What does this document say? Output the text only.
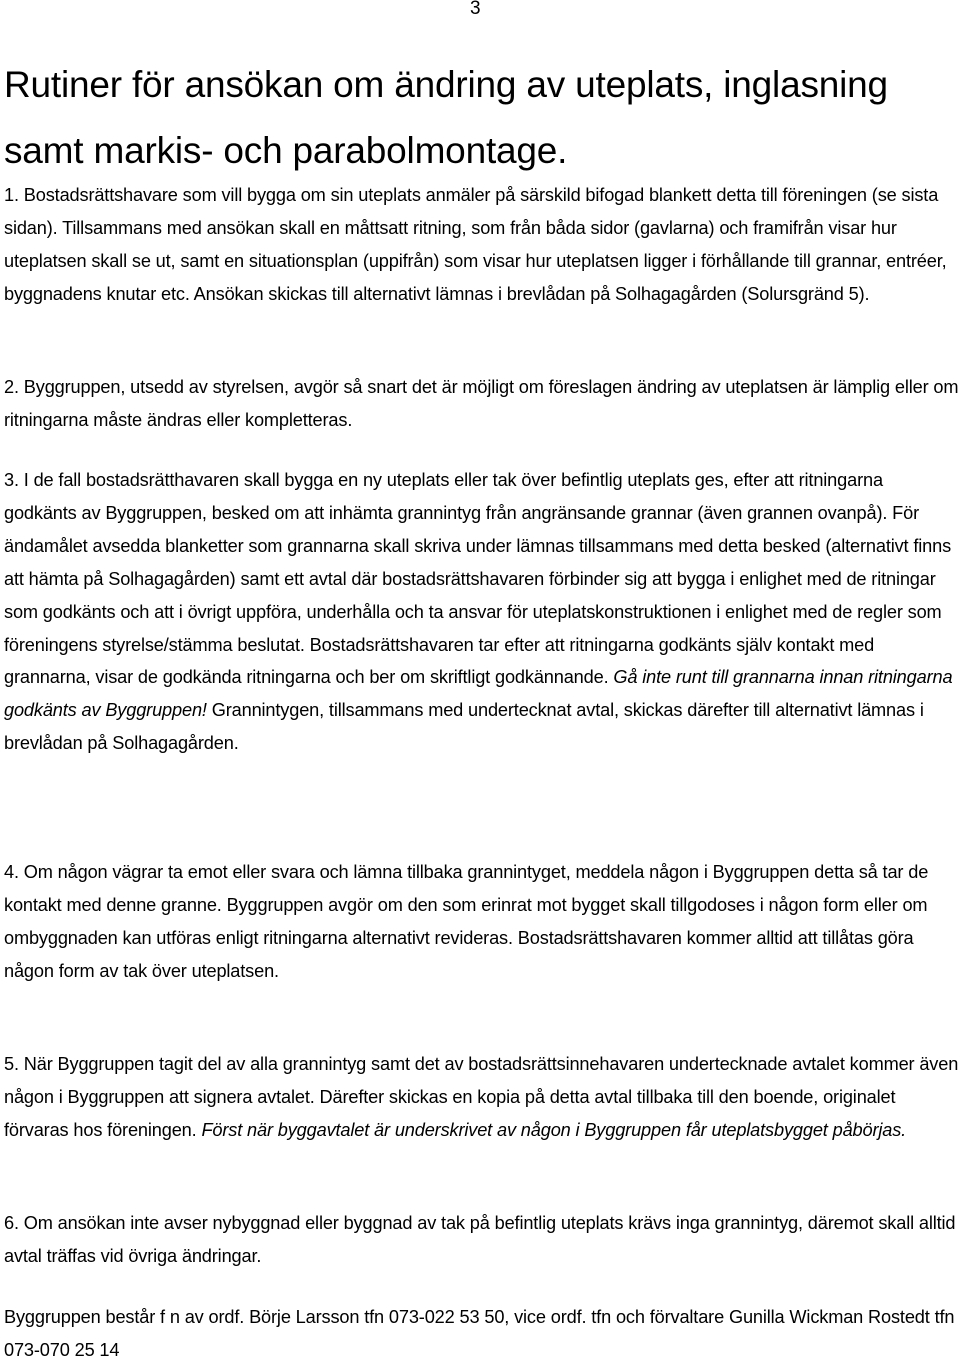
3
Rutiner för ansökan om ändring av uteplats, inglasning samt markis- och parabolmontage.

1. Bostadsrättshavare som vill bygga om sin uteplats anmäler på särskild bifogad blankett detta till föreningen (se sista sidan). Tillsammans med ansökan skall en måttsatt ritning, som från båda sidor (gavlarna) och framifrån visar hur uteplatsen skall se ut, samt en situationsplan (uppifrån) som visar hur uteplatsen ligger i förhållande till grannar, entréer, byggnadens knutar etc. Ansökan skickas till alternativt lämnas i brevlådan på Solhagagården (Solursgränd 5).

2. Byggruppen, utsedd av styrelsen, avgör så snart det är möjligt om föreslagen ändring av uteplatsen är lämplig eller om ritningarna måste ändras eller kompletteras.

3. I de fall bostadsrätthavaren skall bygga en ny uteplats eller tak över befintlig uteplats ges, efter att ritningarna godkänts av Byggruppen, besked om att inhämta grannintyg från angränsande grannar (även grannen ovanpå). För ändamålet avsedda blanketter som grannarna skall skriva under lämnas tillsammans med detta besked (alternativt finns att hämta på Solhagagården) samt ett avtal där bostadsrättshavaren förbinder sig att bygga i enlighet med de ritningar som godkänts och att i övrigt uppföra, underhålla och ta ansvar för uteplatskonstruktionen i enlighet med de regler som föreningens styrelse/stämma beslutat. Bostadsrättshavaren tar efter att ritningarna godkänts själv kontakt med grannarna, visar de godkända ritningarna och ber om skriftligt godkännande. Gå inte runt till grannarna innan ritningarna godkänts av Byggruppen! Grannintygen, tillsammans med undertecknat avtal, skickas därefter till alternativt lämnas i brevlådan på Solhagagården.

4. Om någon vägrar ta emot eller svara och lämna tillbaka grannintyget, meddela någon i Byggruppen detta så tar de kontakt med denne granne. Byggruppen avgör om den som erinrat mot bygget skall tillgodoses i någon form eller om ombyggnaden kan utföras enligt ritningarna alternativt revideras. Bostadsrättshavaren kommer alltid att tillåtas göra någon form av tak över uteplatsen.

5. När Byggruppen tagit del av alla grannintyg samt det av bostadsrättsinnehavaren undertecknade avtalet kommer även någon i Byggruppen att signera avtalet. Därefter skickas en kopia på detta avtal tillbaka till den boende, originalet förvaras hos föreningen. Först när byggavtalet är underskrivet av någon i Byggruppen får uteplatsbygget påbörjas.

6. Om ansökan inte avser nybyggnad eller byggnad av tak på befintlig uteplats krävs inga grannintyg, däremot skall alltid avtal träffas vid övriga ändringar.

Byggruppen består f n av ordf. Börje Larsson tfn 073-022 53 50, vice ordf. tfn och förvaltare Gunilla Wickman Rostedt tfn 073-070 25 14
